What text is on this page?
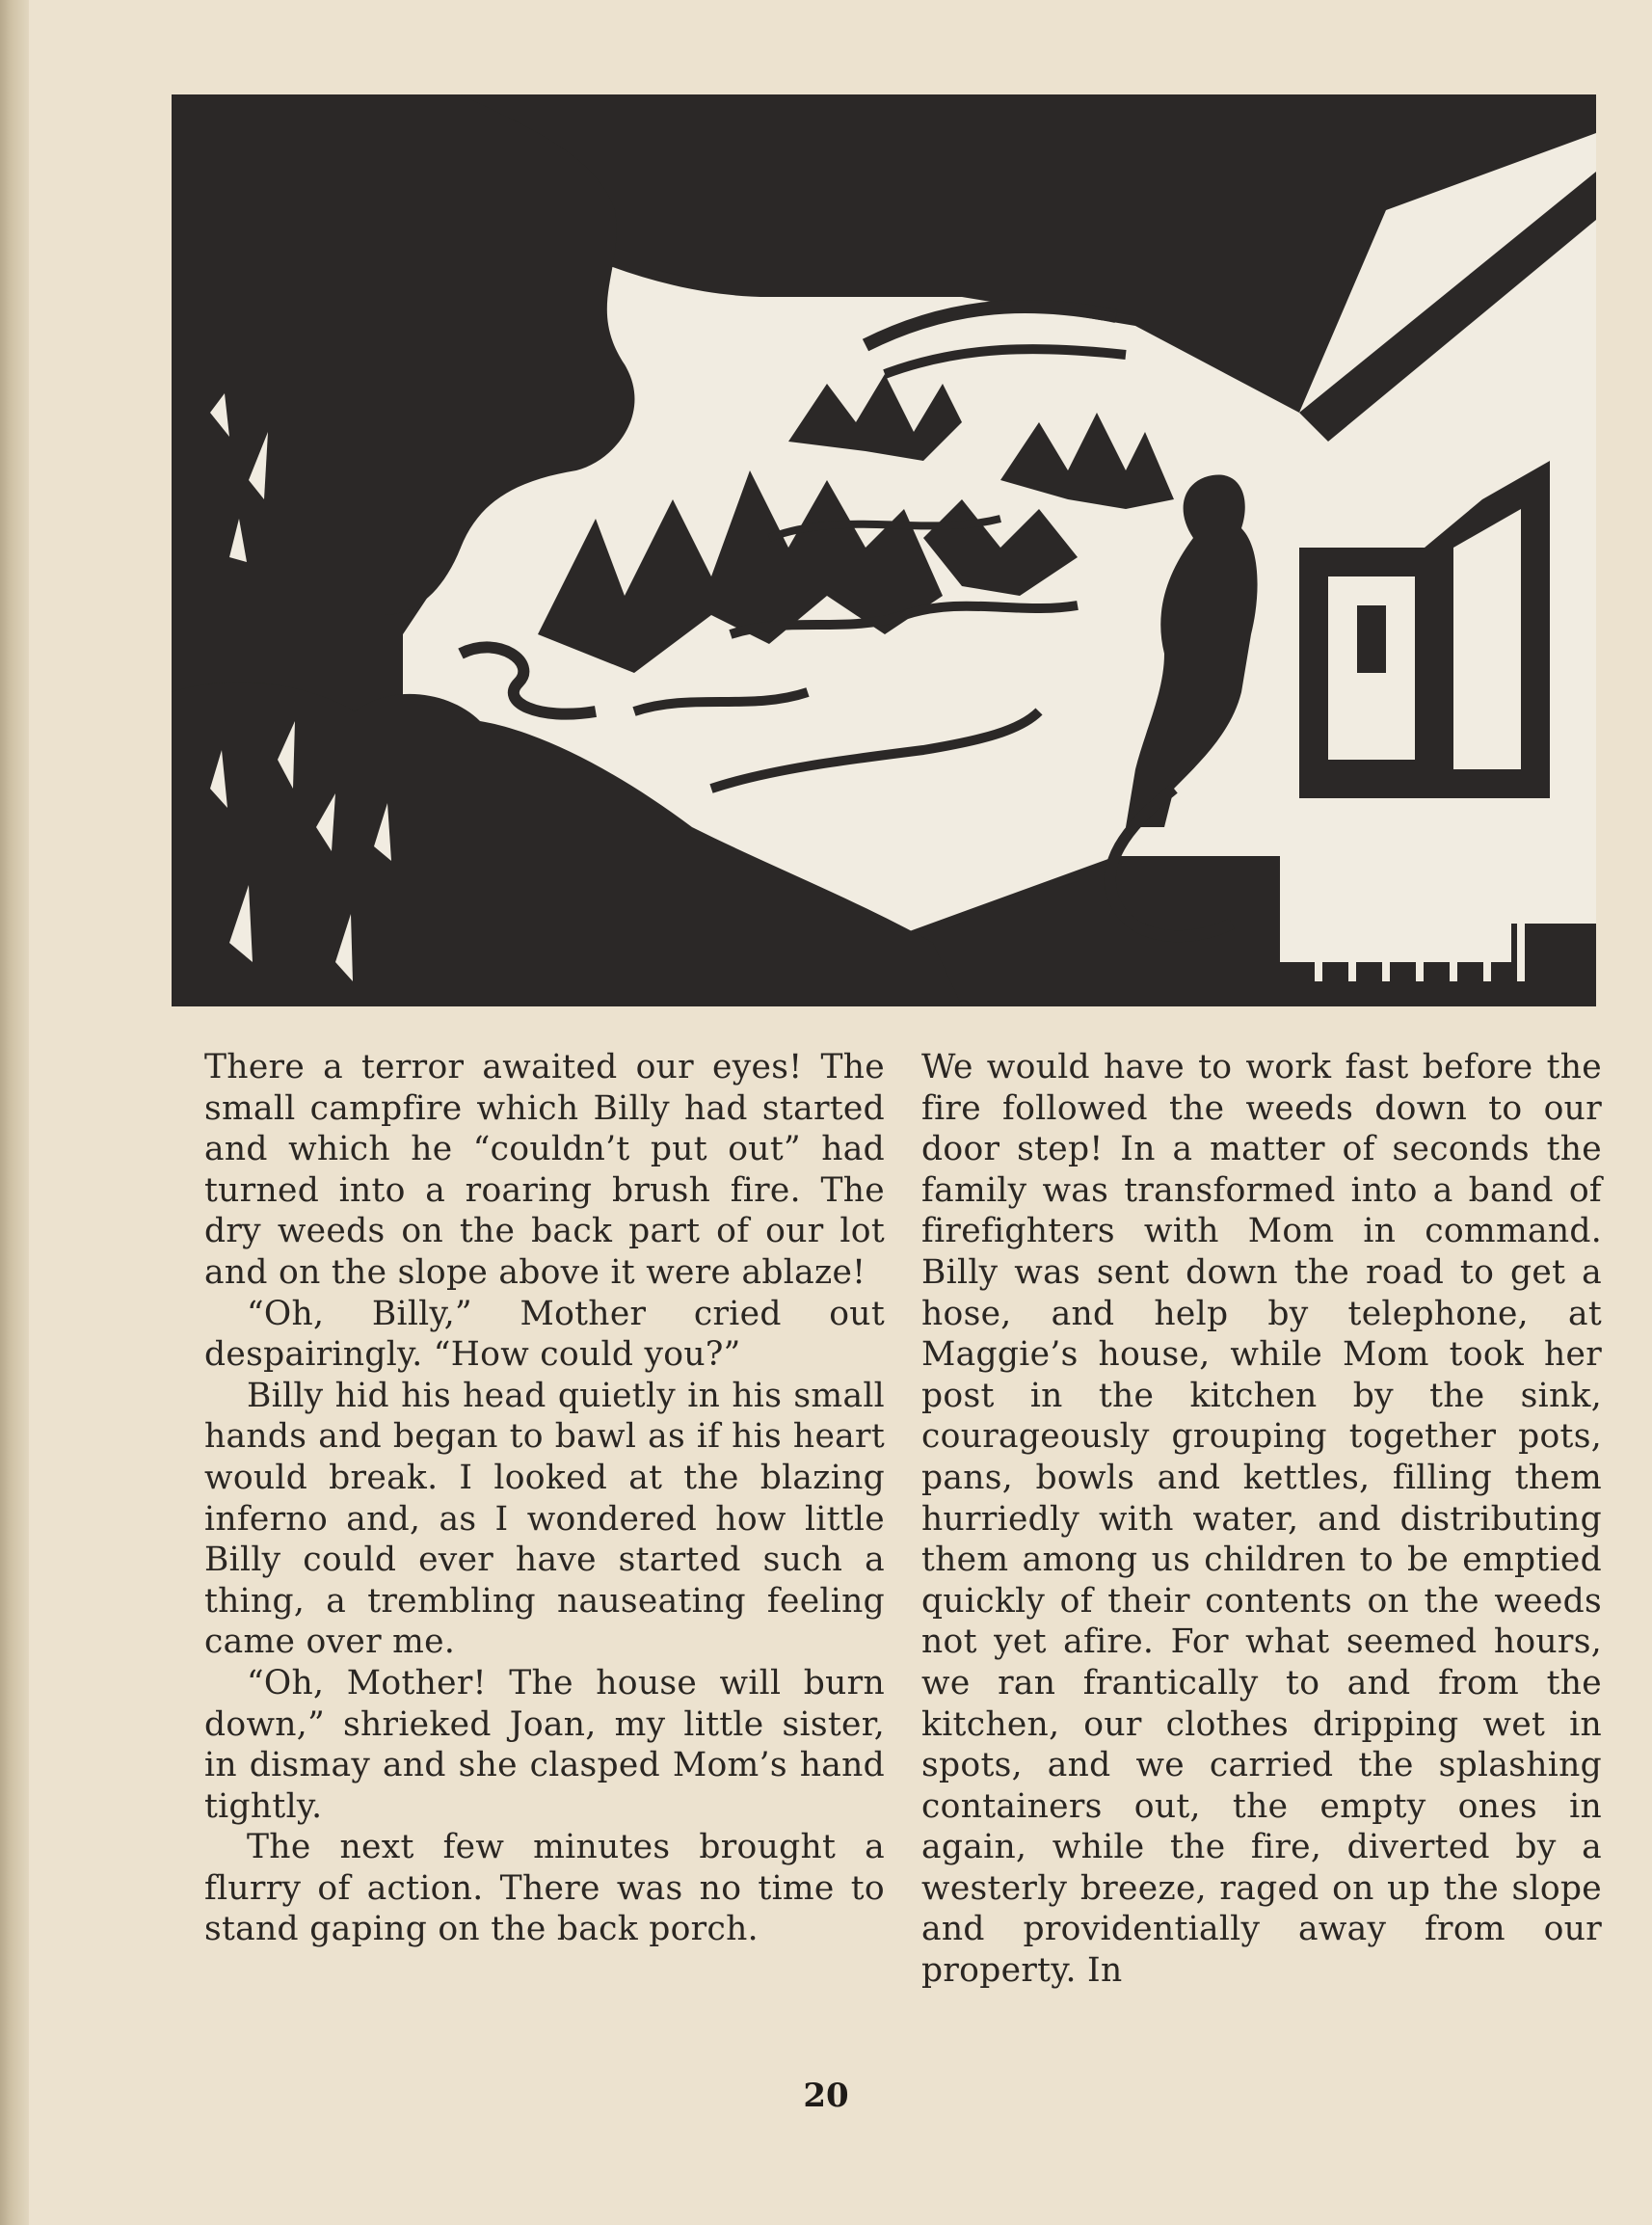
There a terror awaited our eyes! The small campfire which Billy had started and which he “couldn’t put out” had turned into a roaring brush fire. The dry weeds on the back part of our lot and on the slope above it were ablaze!

“Oh, Billy,” Mother cried out despairingly. “How could you?”

Billy hid his head quietly in his small hands and began to bawl as if his heart would break. I looked at the blazing inferno and, as I wondered how little Billy could ever have started such a thing, a trembling nauseating feeling came over me.

“Oh, Mother! The house will burn down,” shrieked Joan, my little sister, in dismay and she clasped Mom’s hand tightly.

The next few minutes brought a flurry of action. There was no time to stand gaping on the back porch.

We would have to work fast before the fire followed the weeds down to our door step! In a matter of seconds the family was transformed into a band of firefighters with Mom in command. Billy was sent down the road to get a hose, and help by telephone, at Maggie’s house, while Mom took her post in the kitchen by the sink, courageously grouping together pots, pans, bowls and kettles, filling them hurriedly with water, and distributing them among us children to be emptied quickly of their contents on the weeds not yet afire. For what seemed hours, we ran frantically to and from the kitchen, our clothes dripping wet in spots, and we carried the splashing containers out, the empty ones in again, while the fire, diverted by a westerly breeze, raged on up the slope and providentially away from our property. In

20
